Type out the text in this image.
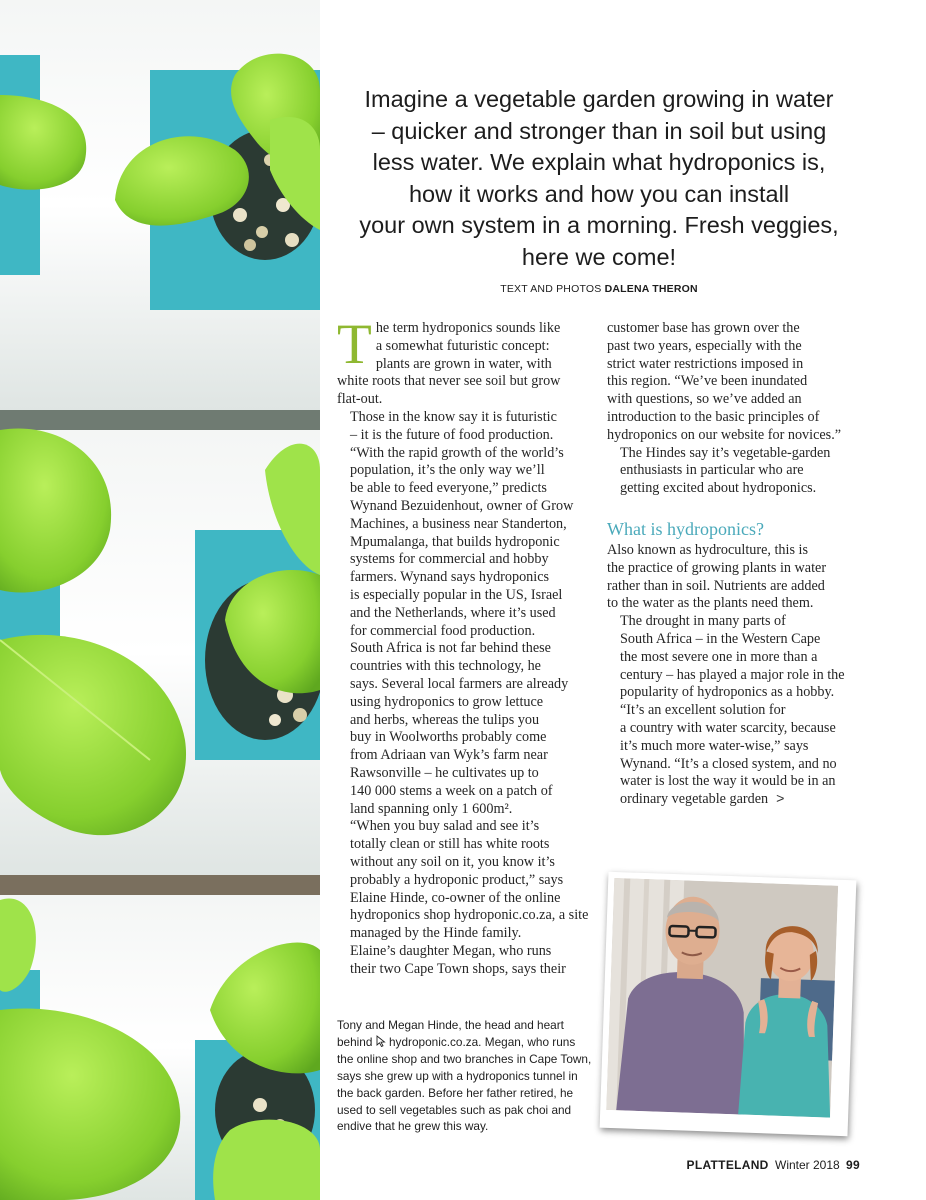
Imagine a vegetable garden growing in water
– quicker and stronger than in soil but using
less water. We explain what hydroponics is,
how it works and how you can install
your own system in a morning. Fresh veggies,
here we come!

TEXT AND PHOTOS DALENA THERON

T he term hydroponics sounds like
a somewhat futuristic concept:
plants are grown in water, with
white roots that never see soil but grow
flat-out.

Those in the know say it is futuristic
– it is the future of food production.
“With the rapid growth of the world’s
population, it’s the only way we’ll
be able to feed everyone,” predicts
Wynand Bezuidenhout, owner of Grow
Machines, a business near Standerton,
Mpumalanga, that builds hydroponic
systems for commercial and hobby
farmers. Wynand says hydroponics
is especially popular in the US, Israel
and the Netherlands, where it’s used
for commercial food production.
South Africa is not far behind these
countries with this technology, he
says. Several local farmers are already
using hydroponics to grow lettuce
and herbs, whereas the tulips you
buy in Woolworths probably come
from Adriaan van Wyk’s farm near
Rawsonville – he cultivates up to
140 000 stems a week on a patch of
land spanning only 1 600m².

“When you buy salad and see it’s
totally clean or still has white roots
without any soil on it, you know it’s
probably a hydroponic product,” says
Elaine Hinde, co-owner of the online
hydroponics shop hydroponic.co.za, a site
managed by the Hinde family.

Elaine’s daughter Megan, who runs
their two Cape Town shops, says their

customer base has grown over the
past two years, especially with the
strict water restrictions imposed in
this region. “We’ve been inundated
with questions, so we’ve added an
introduction to the basic principles of
hydroponics on our website for novices.”

The Hindes say it’s vegetable-garden
enthusiasts in particular who are
getting excited about hydroponics.

What is hydroponics?

Also known as hydroculture, this is
the practice of growing plants in water
rather than in soil. Nutrients are added
to the water as the plants need them.

The drought in many parts of
South Africa – in the Western Cape
the most severe one in more than a
century – has played a major role in the
popularity of hydroponics as a hobby.

“It’s an excellent solution for
a country with water scarcity, because
it’s much more water-wise,” says
Wynand. “It’s a closed system, and no
water is lost the way it would be in an
ordinary vegetable garden >

Tony and Megan Hinde, the head and heart
behind hydroponic.co.za. Megan, who runs
the online shop and two branches in Cape Town,
says she grew up with a hydroponics tunnel in
the back garden. Before her father retired, he
used to sell vegetables such as pak choi and
endive that he grew this way.
PLATTELAND Winter 2018 99
